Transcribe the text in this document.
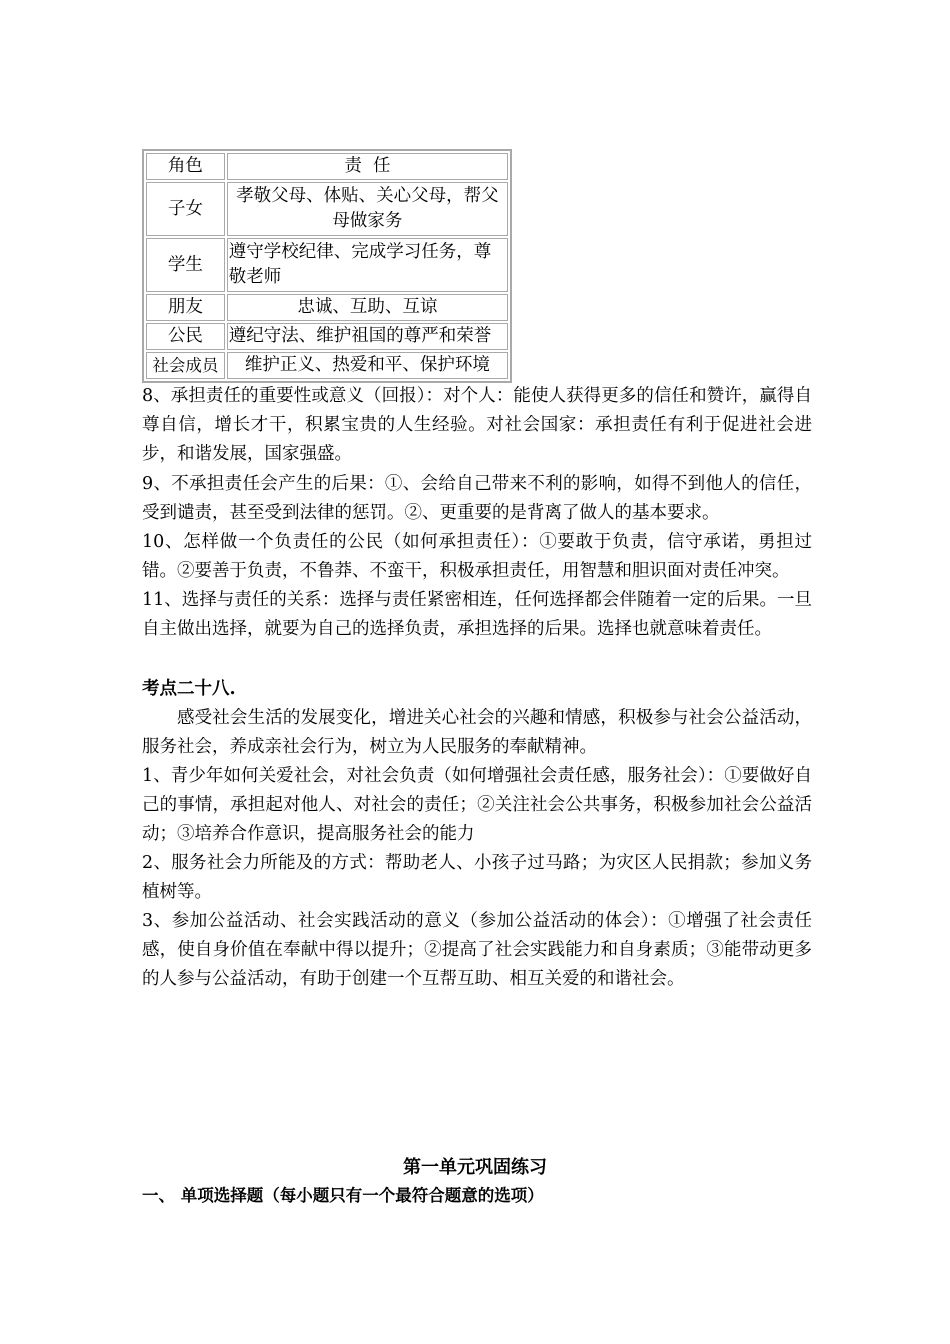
角色	责  任
子女	孝敬父母、体贴、关心父母，帮父母做家务
学生	遵守学校纪律、完成学习任务，尊敬老师
朋友	忠诚、互助、互谅
公民	遵纪守法、维护祖国的尊严和荣誉
社会成员	维护正义、热爱和平、保护环境

8、承担责任的重要性或意义（回报）：对个人：能使人获得更多的信任和赞许，赢得自尊自信，增长才干，积累宝贵的人生经验。对社会国家：承担责任有利于促进社会进步，和谐发展，国家强盛。

9、不承担责任会产生的后果：①、会给自己带来不利的影响，如得不到他人的信任，受到谴责，甚至受到法律的惩罚。②、更重要的是背离了做人的基本要求。

10、怎样做一个负责任的公民（如何承担责任）：①要敢于负责，信守承诺，勇担过错。②要善于负责，不鲁莽、不蛮干，积极承担责任，用智慧和胆识面对责任冲突。

11、选择与责任的关系：选择与责任紧密相连，任何选择都会伴随着一定的后果。一旦自主做出选择，就要为自己的选择负责，承担选择的后果。选择也就意味着责任。

考点二十八.

感受社会生活的发展变化，增进关心社会的兴趣和情感，积极参与社会公益活动，服务社会，养成亲社会行为，树立为人民服务的奉献精神。

1、青少年如何关爱社会，对社会负责（如何增强社会责任感，服务社会）：①要做好自己的事情，承担起对他人、对社会的责任；②关注社会公共事务，积极参加社会公益活动；③培养合作意识，提高服务社会的能力

2、服务社会力所能及的方式：帮助老人、小孩子过马路；为灾区人民捐款；参加义务植树等。

3、参加公益活动、社会实践活动的意义（参加公益活动的体会）：①增强了社会责任感，使自身价值在奉献中得以提升；②提高了社会实践能力和自身素质；③能带动更多的人参与公益活动，有助于创建一个互帮互助、相互关爱的和谐社会。

第一单元巩固练习

一、 单项选择题（每小题只有一个最符合题意的选项）
